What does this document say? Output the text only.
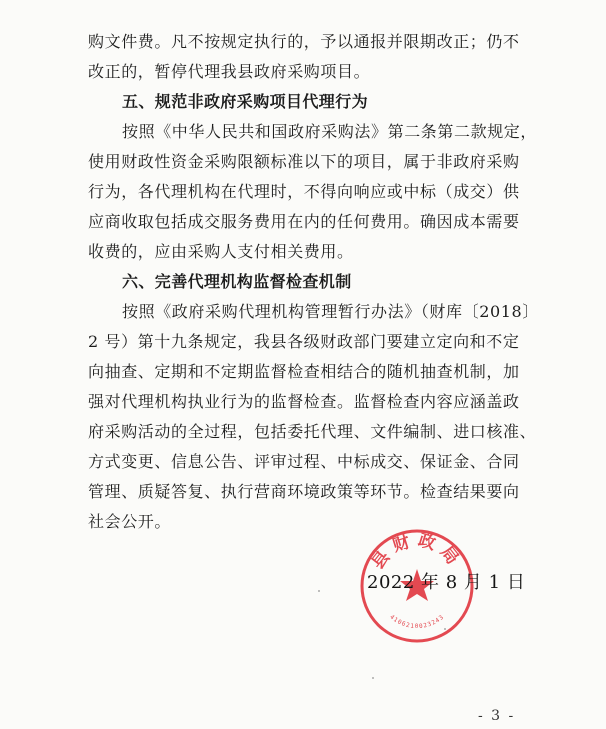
购文件费。凡不按规定执行的，予以通报并限期改正；仍不
改正的，暂停代理我县政府采购项目。
五、规范非政府采购项目代理行为
按照《中华人民共和国政府采购法》第二条第二款规定，
使用财政性资金采购限额标准以下的项目，属于非政府采购
行为，各代理机构在代理时，不得向响应或中标（成交）供
应商收取包括成交服务费用在内的任何费用。确因成本需要
收费的，应由采购人支付相关费用。
六、完善代理机构监督检查机制
按照《政府采购代理机构管理暂行办法》（财库〔2018〕
2 号）第十九条规定，我县各级财政部门要建立定向和不定
向抽查、定期和不定期监督检查相结合的随机抽查机制，加
强对代理机构执业行为的监督检查。监督检查内容应涵盖政
府采购活动的全过程，包括委托代理、文件编制、进口核准、
方式变更、信息公告、评审过程、中标成交、保证金、合同
管理、质疑答复、执行营商环境政策等环节。检查结果要向
社会公开。
县财政局
4106210023243
2022 年 8 月 1 日
- 3 -
